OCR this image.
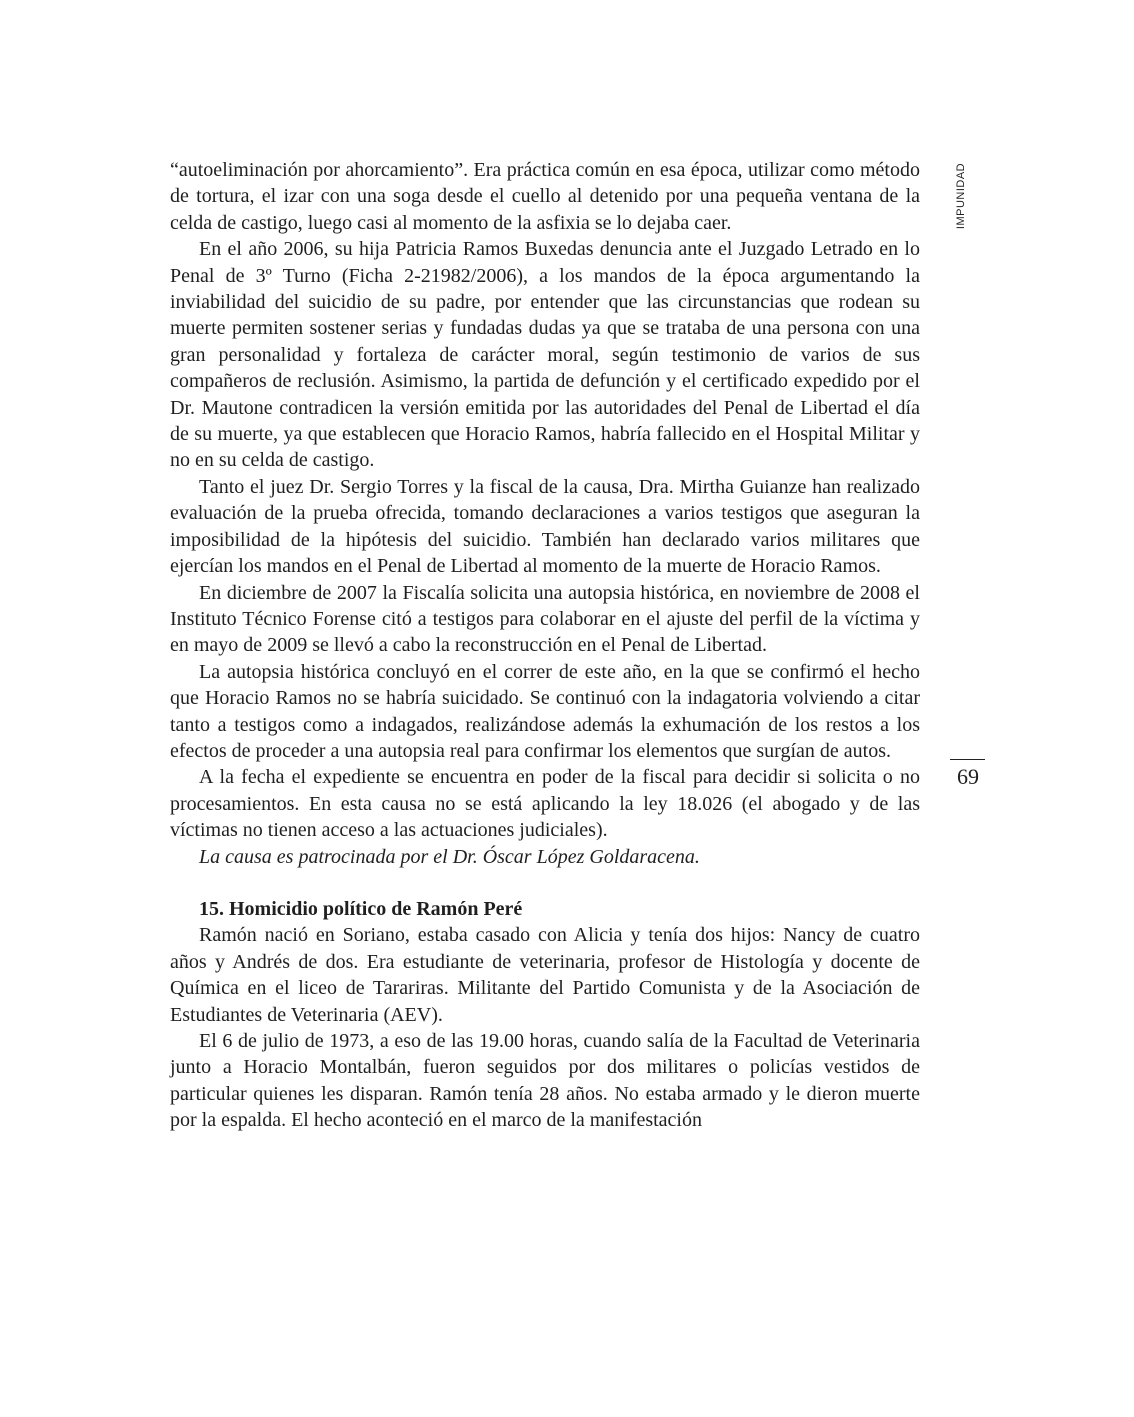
IMPUNIDAD
69

“autoeliminación por ahorcamiento”. Era práctica común en esa época, utilizar como método de tortura, el izar con una soga desde el cuello al detenido por una pequeña ventana de la celda de castigo, luego casi al momento de la asfixia se lo dejaba caer.

En el año 2006, su hija Patricia Ramos Buxedas denuncia ante el Juzgado Letrado en lo Penal de 3º Turno (Ficha 2-21982/2006), a los mandos de la época argumentando la inviabilidad del suicidio de su padre, por entender que las circunstancias que rodean su muerte permiten sostener serias y fundadas dudas ya que se trataba de una persona con una gran personalidad y fortaleza de carácter moral, según testimonio de varios de sus compañeros de reclusión. Asimismo, la partida de defunción y el certificado expedido por el Dr. Mautone contradicen la versión emitida por las autoridades del Penal de Libertad el día de su muerte, ya que establecen que Horacio Ramos, habría fallecido en el Hospital Militar y no en su celda de castigo.

Tanto el juez Dr. Sergio Torres y la fiscal de la causa, Dra. Mirtha Guianze han realizado evaluación de la prueba ofrecida, tomando declaraciones a varios testigos que aseguran la imposibilidad de la hipótesis del suicidio. También han declarado varios militares que ejercían los mandos en el Penal de Libertad al momento de la muerte de Horacio Ramos.

En diciembre de 2007 la Fiscalía solicita una autopsia histórica, en noviembre de 2008 el Instituto Técnico Forense citó a testigos para colaborar en el ajuste del perfil de la víctima y en mayo de 2009 se llevó a cabo la reconstrucción en el Penal de Libertad.

La autopsia histórica concluyó en el correr de este año, en la que se confirmó el hecho que Horacio Ramos no se habría suicidado. Se continuó con la indagatoria volviendo a citar tanto a testigos como a indagados, realizándose además la exhumación de los restos a los efectos de proceder a una autopsia real para confirmar los elementos que surgían de autos.

A la fecha el expediente se encuentra en poder de la fiscal para decidir si solicita o no procesamientos. En esta causa no se está aplicando la ley 18.026 (el abogado y de las víctimas no tienen acceso a las actuaciones judiciales).

La causa es patrocinada por el Dr. Óscar López Goldaracena.

15. Homicidio político de Ramón Peré

Ramón nació en Soriano, estaba casado con Alicia y tenía dos hijos: Nancy de cuatro años y Andrés de dos. Era estudiante de veterinaria, profesor de Histología y docente de Química en el liceo de Tarariras. Militante del Partido Comunista y de la Asociación de Estudiantes de Veterinaria (AEV).

El 6 de julio de 1973, a eso de las 19.00 horas, cuando salía de la Facultad de Veterinaria junto a Horacio Montalbán, fueron seguidos por dos militares o policías vestidos de particular quienes les disparan. Ramón tenía 28 años. No estaba armado y le dieron muerte por la espalda. El hecho aconteció en el marco de la manifestación
